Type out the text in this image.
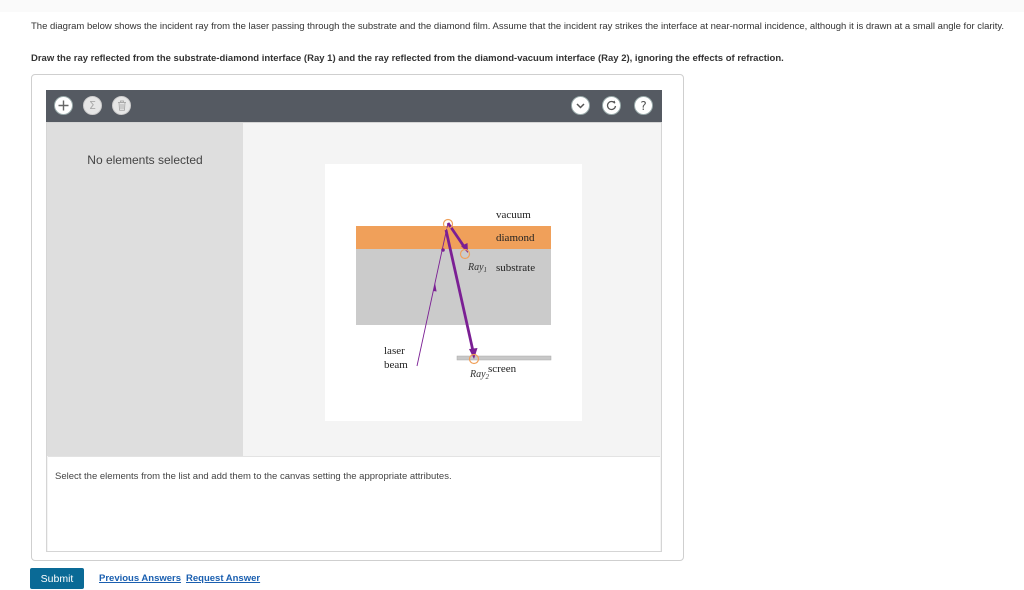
The diagram below shows the incident ray from the laser passing through the substrate and the diamond film. Assume that the incident ray strikes the interface at near-normal incidence, although it is drawn at a small angle for clarity.
Draw the ray reflected from the substrate-diamond interface (Ray 1) and the ray reflected from the diamond-vacuum interface (Ray 2), ignoring the effects of refraction.
Σ	?
No elements selected
vacuum
diamond
substrate
laser
beam	screen
Ray$_1$
Ray$_2$
Select the elements from the list and add them to the canvas setting the appropriate attributes.
Submit	Previous Answers Request Answer
